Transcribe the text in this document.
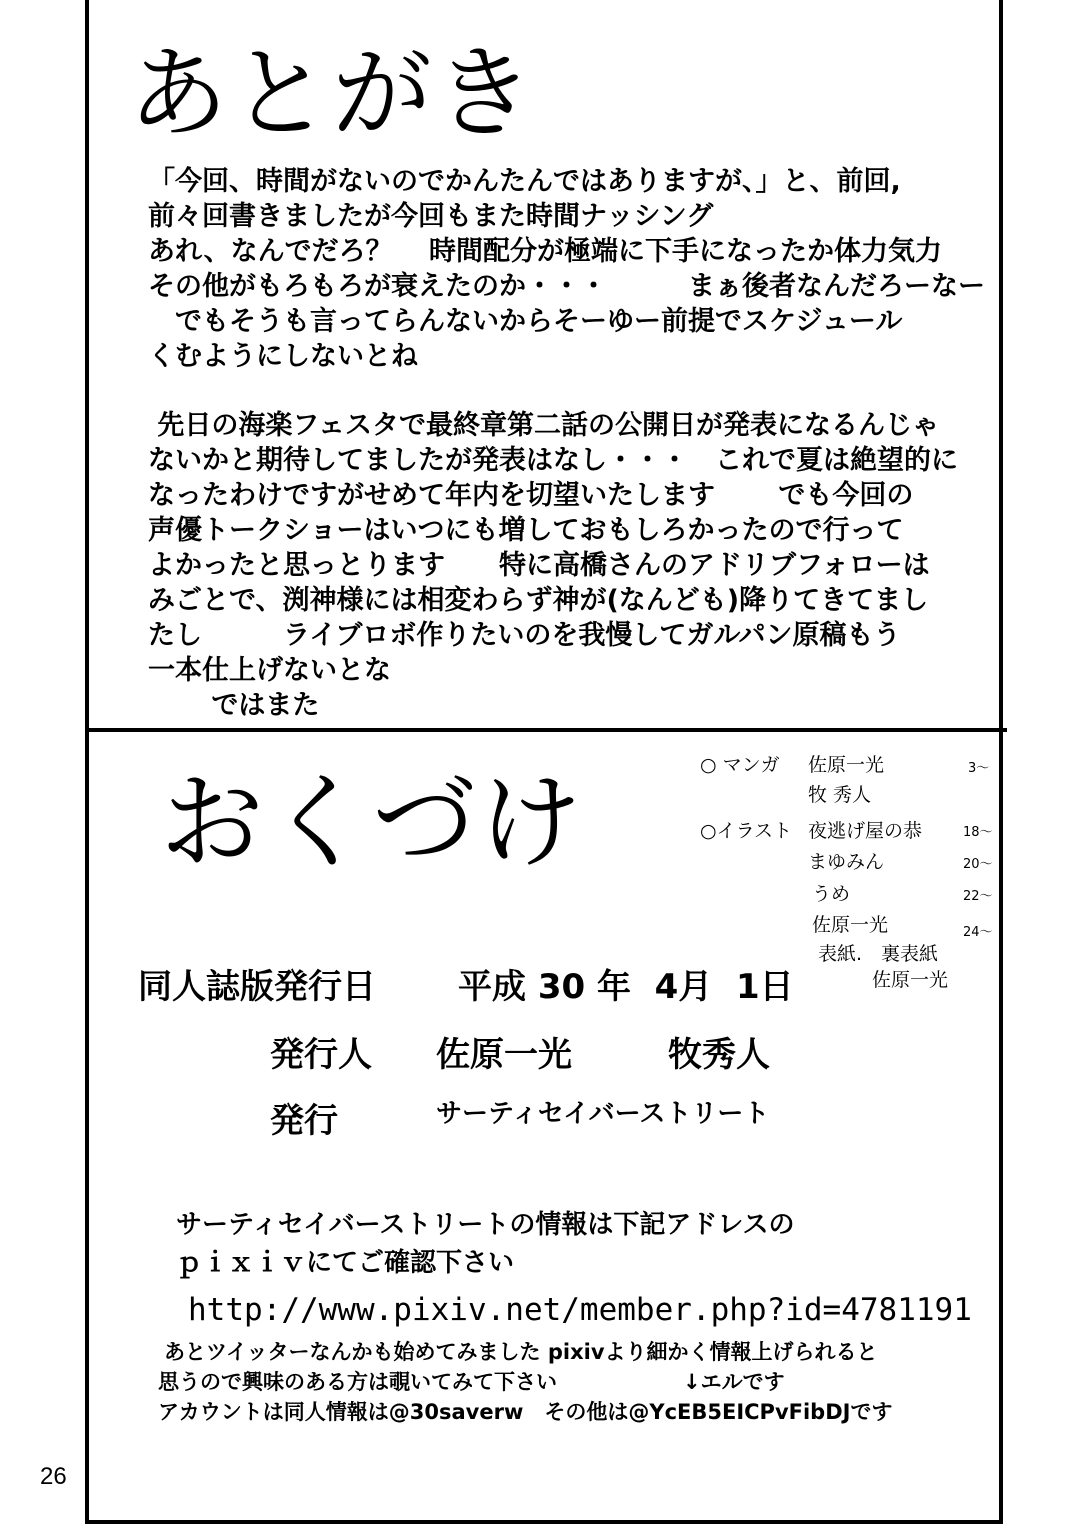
あとがき
「今回、時間がないのでかんたんではありますが、」と、前回,
前々回書きましたが今回もまた時間ナッシング
あれ、なんでだろ？　 時間配分が極端に下手になったか体力気力
その他がもろもろが衰えたのか・・・　　　まぁ後者なんだろーなー
　でもそうも言ってらんないからそーゆー前提でスケジュール
くむようにしないとね
先日の海楽フェスタで最終章第二話の公開日が発表になるんじゃ
ないかと期待してましたが発表はなし・・・　これで夏は絶望的に
なったわけですがせめて年内を切望いたします　　 でも今回の
声優トークショーはいつにも増しておもしろかったので行って
よかったと思っとります　　特に高橋さんのアドリブフォローは
みごとで、渕神様には相変わらず神が(なんども)降りてきてまし
たし　　　ライブロボ作りたいのを我慢してガルパン原稿もう
一本仕上げないとな
　　 ではまた
おくづけ	○ マンガ 佐原一光	3～
牧 秀人
○イラスト 夜逃げ屋の恭	18～
まゆみん	20～
うめ	22～
佐原一光	24～
表紙.　裏表紙
佐原一光
同人誌版発行日 平成 30 年  4月  1日
発行人 佐原一光	牧秀人
発行	サーティセイバーストリート
サーティセイバーストリートの情報は下記アドレスの
ｐｉｘｉｖにてご確認下さい
http://www.pixiv.net/member.php?id=4781191
あとツイッターなんかも始めてみました pixivより細かく情報上げられると
思うので興味のある方は覗いてみて下さい　　　　　　↓エルです
アカウントは同人情報は@30saverw　その他は@YcEB5EICPvFibDJです
26
